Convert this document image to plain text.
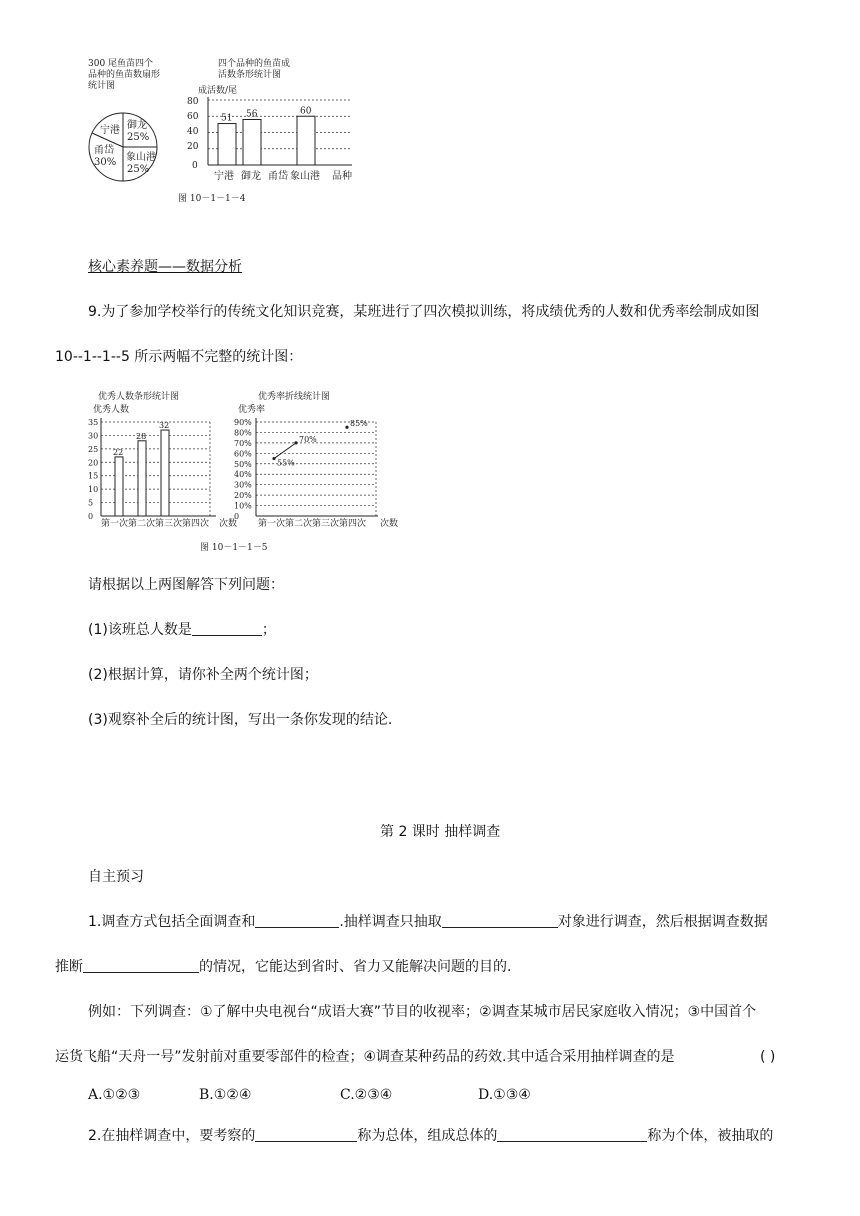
300 尾鱼苗四个
品种的鱼苗数扇形
统计图
宁港 御龙
25%
甬岱
30% 象山港
25%
四个品种的鱼苗成
活数条形统计图
成活数/尾
0
20
40
60
80
51 56	60
宁港 御龙 甬岱 象山港 品种
图 10－1－1－4
核心素养题——数据分析
9.为了参加学校举行的传统文化知识竞赛，某班进行了四次模拟训练，将成绩优秀的人数和优秀率绘制成如图
10--1--1--5 所示两幅不完整的统计图：
优秀人数条形统计图
优秀人数
0
5
10
15
20
25
30
35
22
28
32
第一次 第二次 第三次 第四次 次数
优秀率折线统计图
优秀率
0
10%
20%
30%
40%
50%
60%
70%
80%
90%
55%
70%
85%
第一次 第二次 第三次 第四次 次数
图 10－1－1－5
请根据以上两图解答下列问题：
(1)该班总人数是	；
(2)根据计算，请你补全两个统计图；
(3)观察补全后的统计图，写出一条你发现的结论.
第 2 课时 抽样调查
自主预习
1.调查方式包括全面调查和	.抽样调查只抽取	对象进行调查，然后根据调查数据
推断	的情况，它能达到省时、省力又能解决问题的目的.
例如：下列调查：①了解中央电视台“成语大赛”节目的收视率；②调查某城市居民家庭收入情况；③中国首个
运货飞船“天舟一号”发射前对重要零部件的检查；④调查某种药品的药效.其中适合采用抽样调查的是	( )
A.①②③	B.①②④	C.②③④	D.①③④
2.在抽样调查中，要考察的	称为总体，组成总体的	称为个体，被抽取的
